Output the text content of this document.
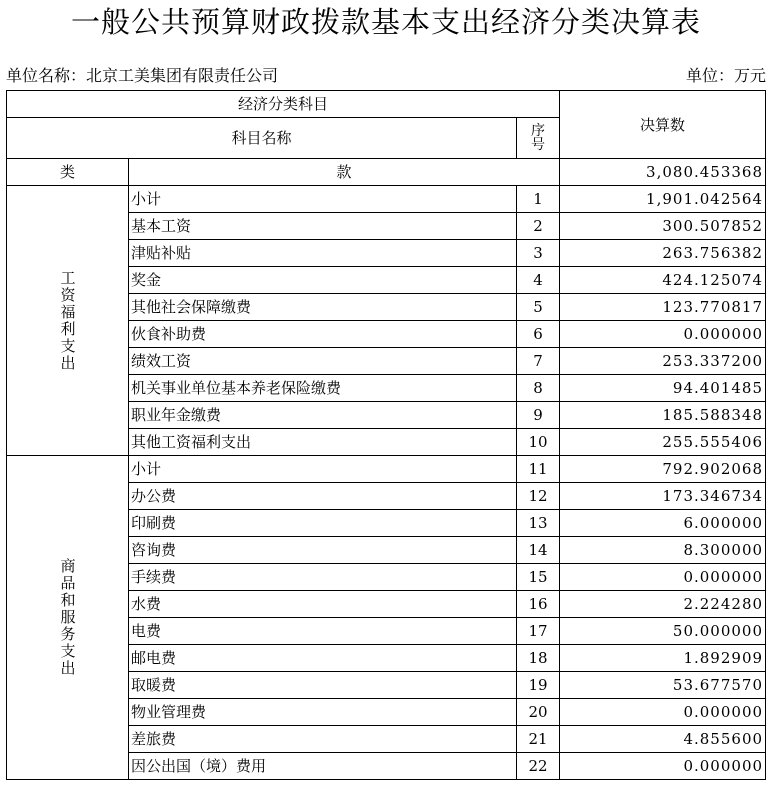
一般公共预算财政拨款基本支出经济分类决算表
单位名称：北京工美集团有限责任公司	单位：万元
经济分类科目			决算数
科目名称		序
号	

类	款		3,080.453368
工资福利支出	小计	1	1,901.042564
	基本工资	2	300.507852
	津贴补贴	3	263.756382
	奖金	4	424.125074
	其他社会保障缴费	5	123.770817
	伙食补助费	6	0.000000
	绩效工资	7	253.337200
	机关事业单位基本养老保险缴费	8	94.401485
	职业年金缴费	9	185.588348
	其他工资福利支出	10	255.555406
商品和服务支出	小计	11	792.902068
	办公费	12	173.346734
	印刷费	13	6.000000
	咨询费	14	8.300000
	手续费	15	0.000000
	水费	16	2.224280
	电费	17	50.000000
	邮电费	18	1.892909
	取暖费	19	53.677570
	物业管理费	20	0.000000
	差旅费	21	4.855600
	因公出国（境）费用	22	0.000000
